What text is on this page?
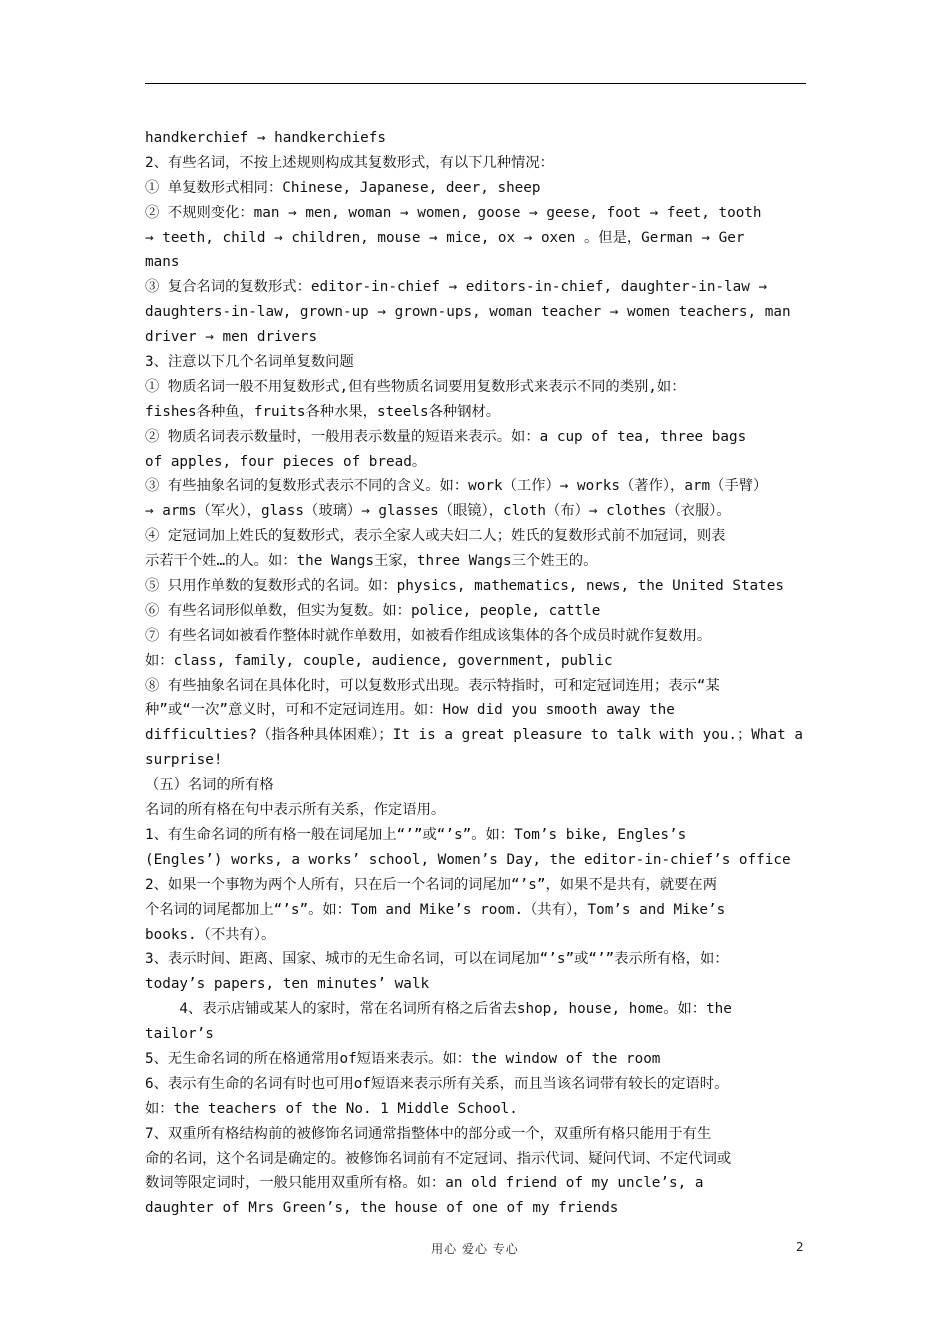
handkerchief → handkerchiefs
2、有些名词，不按上述规则构成其复数形式，有以下几种情况：
① 单复数形式相同：Chinese, Japanese, deer, sheep
② 不规则变化：man → men, woman → women, goose → geese, foot → feet, tooth
→ teeth, child → children, mouse → mice, ox → oxen 。但是，German → Ger
mans
③ 复合名词的复数形式：editor-in-chief → editors-in-chief, daughter-in-law →
daughters-in-law, grown-up → grown-ups, woman teacher → women teachers, man
driver → men drivers
3、注意以下几个名词单复数问题
① 物质名词一般不用复数形式,但有些物质名词要用复数形式来表示不同的类别,如：
fishes各种鱼，fruits各种水果，steels各种钢材。
② 物质名词表示数量时，一般用表示数量的短语来表示。如：a cup of tea, three bags
of apples, four pieces of bread。
③ 有些抽象名词的复数形式表示不同的含义。如：work（工作）→ works（著作），arm（手臂）
→ arms（军火），glass（玻璃）→ glasses（眼镜），cloth（布）→ clothes（衣服）。
④ 定冠词加上姓氏的复数形式，表示全家人或夫妇二人；姓氏的复数形式前不加冠词，则表
示若干个姓…的人。如：the Wangs王家，three Wangs三个姓王的。
⑤ 只用作单数的复数形式的名词。如：physics, mathematics, news, the United States
⑥ 有些名词形似单数，但实为复数。如：police, people, cattle
⑦ 有些名词如被看作整体时就作单数用，如被看作组成该集体的各个成员时就作复数用。
如：class, family, couple, audience, government, public
⑧ 有些抽象名词在具体化时，可以复数形式出现。表示特指时，可和定冠词连用；表示“某
种”或“一次”意义时，可和不定冠词连用。如：How did you smooth away the
difficulties?（指各种具体困难）；It is a great pleasure to talk with you.；What a
surprise!
（五）名词的所有格
名词的所有格在句中表示所有关系，作定语用。
1、有生命名词的所有格一般在词尾加上“’”或“’s”。如：Tom’s bike, Engles’s
(Engles’) works, a works’ school, Women’s Day, the editor-in-chief’s office
2、如果一个事物为两个人所有，只在后一个名词的词尾加“’s”，如果不是共有，就要在两
个名词的词尾都加上“’s”。如：Tom and Mike’s room.（共有），Tom’s and Mike’s
books.（不共有）。
3、表示时间、距离、国家、城市的无生命名词，可以在词尾加“’s”或“’”表示所有格，如：
today’s papers, ten minutes’ walk
4、表示店铺或某人的家时，常在名词所有格之后省去shop, house, home。如：the
tailor’s
5、无生命名词的所在格通常用of短语来表示。如：the window of the room
6、表示有生命的名词有时也可用of短语来表示所有关系，而且当该名词带有较长的定语时。
如：the teachers of the No. 1 Middle School.
7、双重所有格结构前的被修饰名词通常指整体中的部分或一个，双重所有格只能用于有生
命的名词，这个名词是确定的。被修饰名词前有不定冠词、指示代词、疑问代词、不定代词或
数词等限定词时，一般只能用双重所有格。如：an old friend of my uncle’s, a
daughter of Mrs Green’s, the house of one of my friends
用心 爱心 专心	2
